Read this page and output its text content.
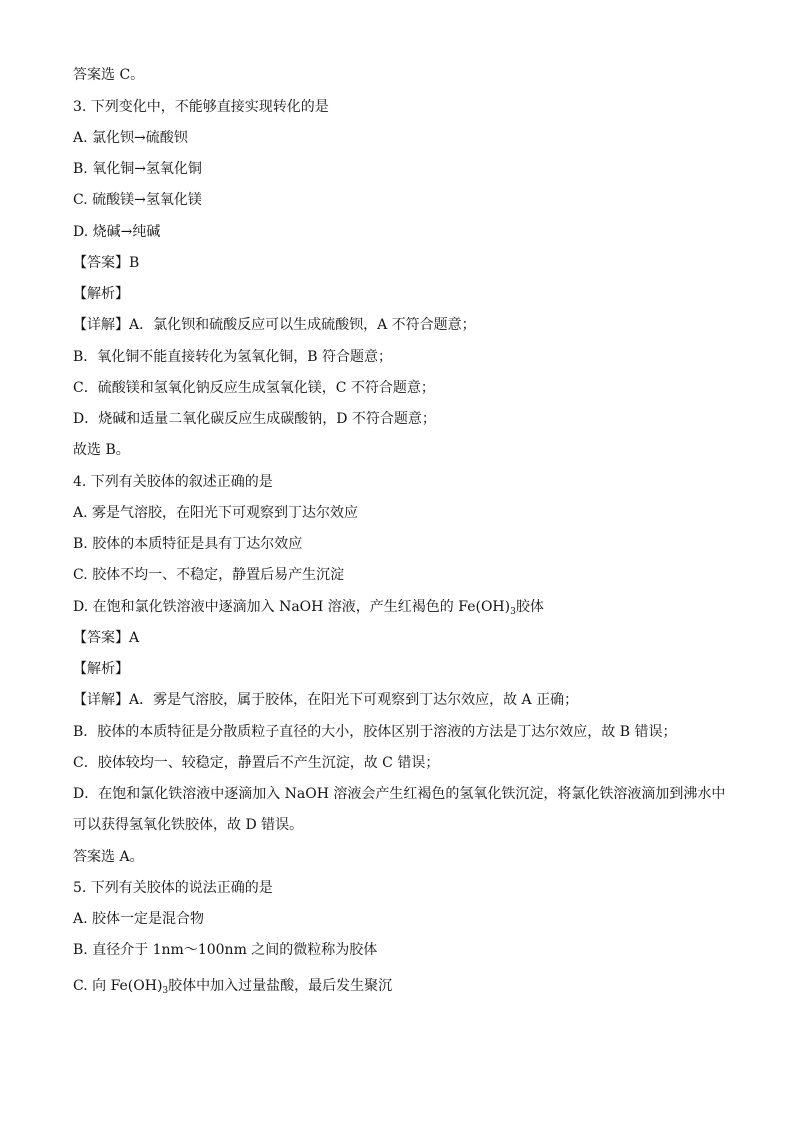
答案选 C。
3. 下列变化中，不能够直接实现转化的是
A. 氯化钡→硫酸钡
B. 氧化铜→氢氧化铜
C. 硫酸镁→氢氧化镁
D. 烧碱→纯碱
【答案】B
【解析】
【详解】A．氯化钡和硫酸反应可以生成硫酸钡，A 不符合题意；
B．氧化铜不能直接转化为氢氧化铜，B 符合题意；
C．硫酸镁和氢氧化钠反应生成氢氧化镁，C 不符合题意；
D．烧碱和适量二氧化碳反应生成碳酸钠，D 不符合题意；
故选 B。
4. 下列有关胶体的叙述正确的是
A. 雾是气溶胶，在阳光下可观察到丁达尔效应
B. 胶体的本质特征是具有丁达尔效应
C. 胶体不均一、不稳定，静置后易产生沉淀
D. 在饱和氯化铁溶液中逐滴加入 NaOH 溶液，产生红褐色的 $Fe(OH)_3$胶体
【答案】A
【解析】
【详解】A．雾是气溶胶，属于胶体，在阳光下可观察到丁达尔效应，故 A 正确；
B．胶体的本质特征是分散质粒子直径的大小，胶体区别于溶液的方法是丁达尔效应，故 B 错误；
C．胶体较均一、较稳定，静置后不产生沉淀，故 C 错误；
D．在饱和氯化铁溶液中逐滴加入 NaOH 溶液会产生红褐色的氢氧化铁沉淀，将氯化铁溶液滴加到沸水中
可以获得氢氧化铁胶体，故 D 错误。
答案选 A。
5. 下列有关胶体的说法正确的是
A. 胶体一定是混合物
B. 直径介于 1nm～100nm 之间的微粒称为胶体
C. 向 $Fe(OH)_3$胶体中加入过量盐酸，最后发生聚沉
